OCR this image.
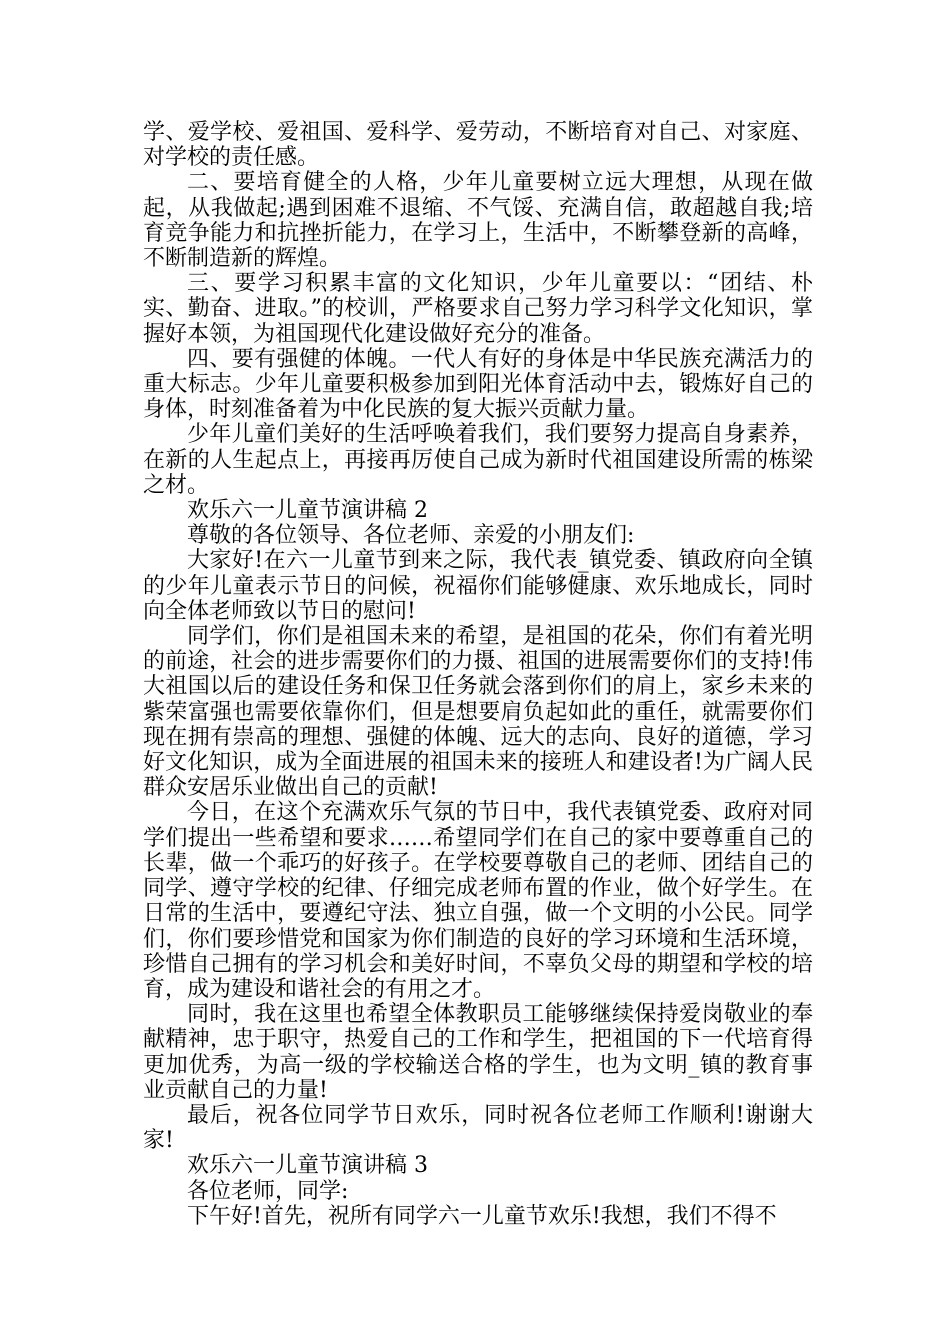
学、爱学校、爱祖国、爱科学、爱劳动，不断培育对自己、对家庭、对学校的责任感。

二、要培育健全的人格，少年儿童要树立远大理想，从现在做起，从我做起;遇到困难不退缩、不气馁、充满自信，敢超越自我;培育竞争能力和抗挫折能力，在学习上，生活中，不断攀登新的高峰，不断制造新的辉煌。

三、要学习积累丰富的文化知识，少年儿童要以：“团结、朴实、勤奋、进取。”的校训，严格要求自己努力学习科学文化知识，掌握好本领，为祖国现代化建设做好充分的准备。

四、要有强健的体魄。一代人有好的身体是中华民族充满活力的重大标志。少年儿童要积极参加到阳光体育活动中去，锻炼好自己的身体，时刻准备着为中化民族的复大振兴贡献力量。

少年儿童们美好的生活呼唤着我们，我们要努力提高自身素养，在新的人生起点上，再接再厉使自己成为新时代祖国建设所需的栋梁之材。

欢乐六一儿童节演讲稿 2

尊敬的各位领导、各位老师、亲爱的小朋友们:

大家好!在六一儿童节到来之际，我代表_镇党委、镇政府向全镇的少年儿童表示节日的问候，祝福你们能够健康、欢乐地成长，同时向全体老师致以节日的慰问!

同学们，你们是祖国未来的希望，是祖国的花朵，你们有着光明的前途，社会的进步需要你们的力摄、祖国的进展需要你们的支持!伟大祖国以后的建设任务和保卫任务就会落到你们的肩上，家乡未来的紫荣富强也需要依靠你们，但是想要肩负起如此的重任，就需要你们现在拥有崇高的理想、强健的体魄、远大的志向、良好的道德，学习好文化知识，成为全面进展的祖国未来的接班人和建设者!为广阔人民群众安居乐业做出自己的贡献!

今日，在这个充满欢乐气氛的节日中，我代表镇党委、政府对同学们提出一些希望和要求……希望同学们在自己的家中要尊重自己的长辈，做一个乖巧的好孩子。在学校要尊敬自己的老师、团结自己的同学、遵守学校的纪律、仔细完成老师布置的作业，做个好学生。在日常的生活中，要遵纪守法、独立自强，做一个文明的小公民。同学们，你们要珍惜党和国家为你们制造的良好的学习环境和生活环境，珍惜自己拥有的学习机会和美好时间，不辜负父母的期望和学校的培育，成为建设和谐社会的有用之才。

同时，我在这里也希望全体教职员工能够继续保持爱岗敬业的奉献精神，忠于职守，热爱自己的工作和学生，把祖国的下一代培育得更加优秀，为高一级的学校输送合格的学生，也为文明_镇的教育事业贡献自己的力量!

最后，祝各位同学节日欢乐，同时祝各位老师工作顺利!谢谢大家!

欢乐六一儿童节演讲稿 3

各位老师，同学:

下午好!首先，祝所有同学六一儿童节欢乐!我想，我们不得不
